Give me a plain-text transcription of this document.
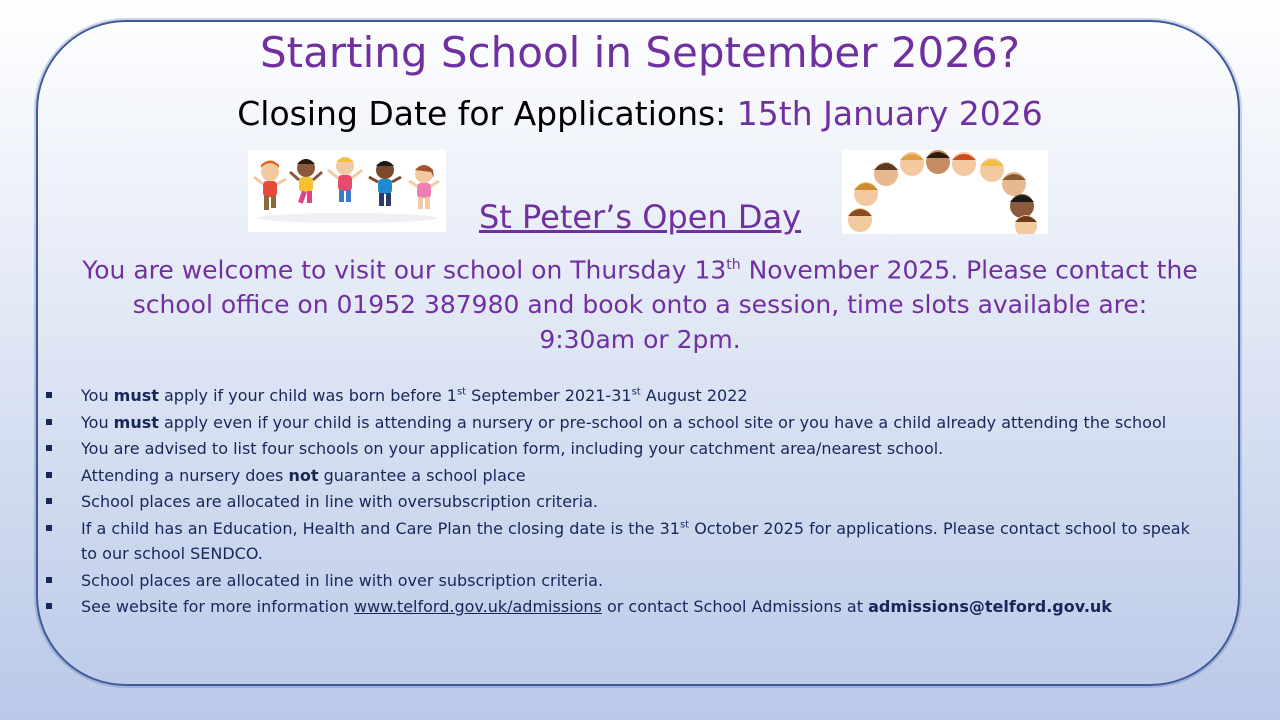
Starting School in September 2026?
Closing Date for Applications: 15th January 2026
St Peter’s Open Day
You are welcome to visit our school on Thursday 13th November 2025. Please contact the school office on 01952 387980 and book onto a session, time slots available are:
9:30am or 2pm.
You must apply if your child was born before 1st September 2021-31st August 2022
You must apply even if your child is attending a nursery or pre-school on a school site or you have a child already attending the school
You are advised to list four schools on your application form, including your catchment area/nearest school.
Attending a nursery does not guarantee a school place
School places are allocated in line with oversubscription criteria.
If a child has an Education, Health and Care Plan the closing date is the 31st October 2025 for applications. Please contact school to speak to our school SENDCO.
School places are allocated in line with over subscription criteria.
See website for more information www.telford.gov.uk/admissions or contact School Admissions at admissions@telford.gov.uk
